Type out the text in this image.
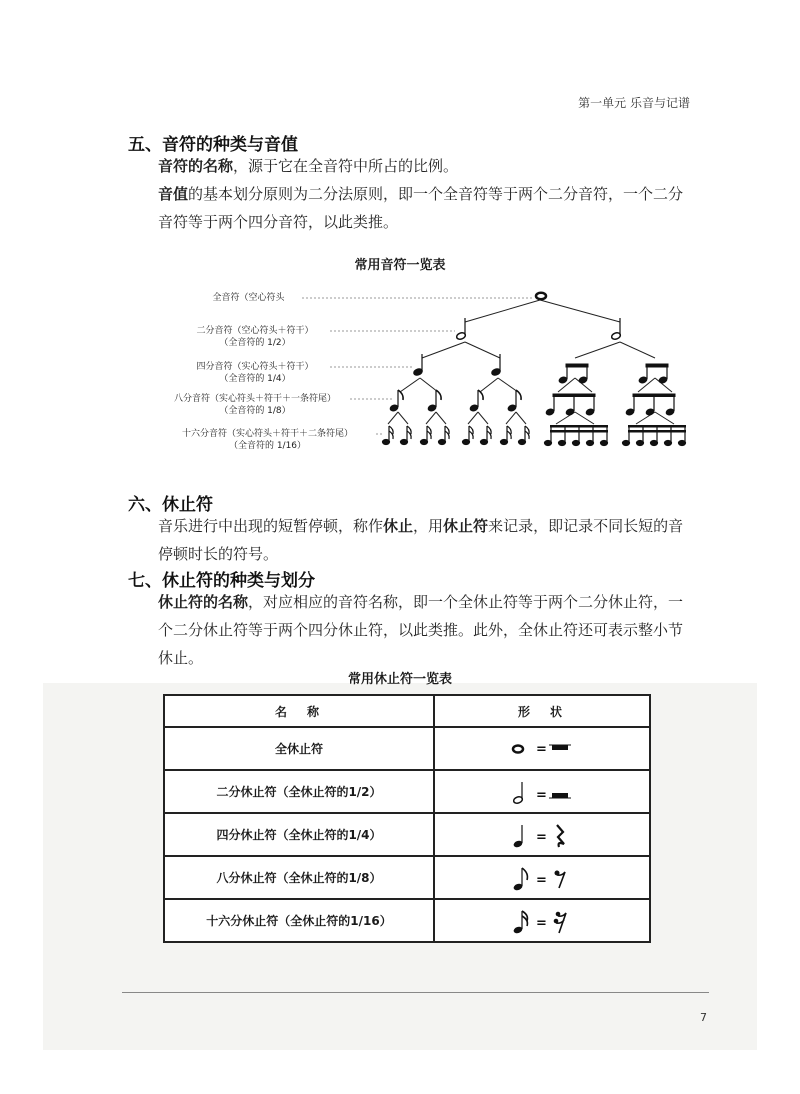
第一单元 乐音与记谱
五、音符的种类与音值
音符的名称，源于它在全音符中所占的比例。
音值的基本划分原则为二分法原则，即一个全音符等于两个二分音符，一个二分音符等于两个四分音符，以此类推。
常用音符一览表
全音符（空心符头
二分音符（空心符头＋符干）
（全音符的 1/2）
四分音符（实心符头＋符干）
（全音符的 1/4）
八分音符（实心符头＋符干＋一条符尾）
（全音符的 1/8）
十六分音符（实心符头＋符干＋二条符尾）
（全音符的 1/16）
六、休止符
音乐进行中出现的短暂停顿，称作休止，用休止符来记录，即记录不同长短的音停顿时长的符号。
七、休止符的种类与划分
休止符的名称，对应相应的音符名称，即一个全休止符等于两个二分休止符，一个二分休止符等于两个四分休止符，以此类推。此外，全休止符还可表示整小节休止。
常用休止符一览表
名　称	形　状
全休止符	=

二分休止符（全休止符的1/2）	=

四分休止符（全休止符的1/4）	=

八分休止符（全休止符的1/8）	=

十六分休止符（全休止符的1/16）	=
7
